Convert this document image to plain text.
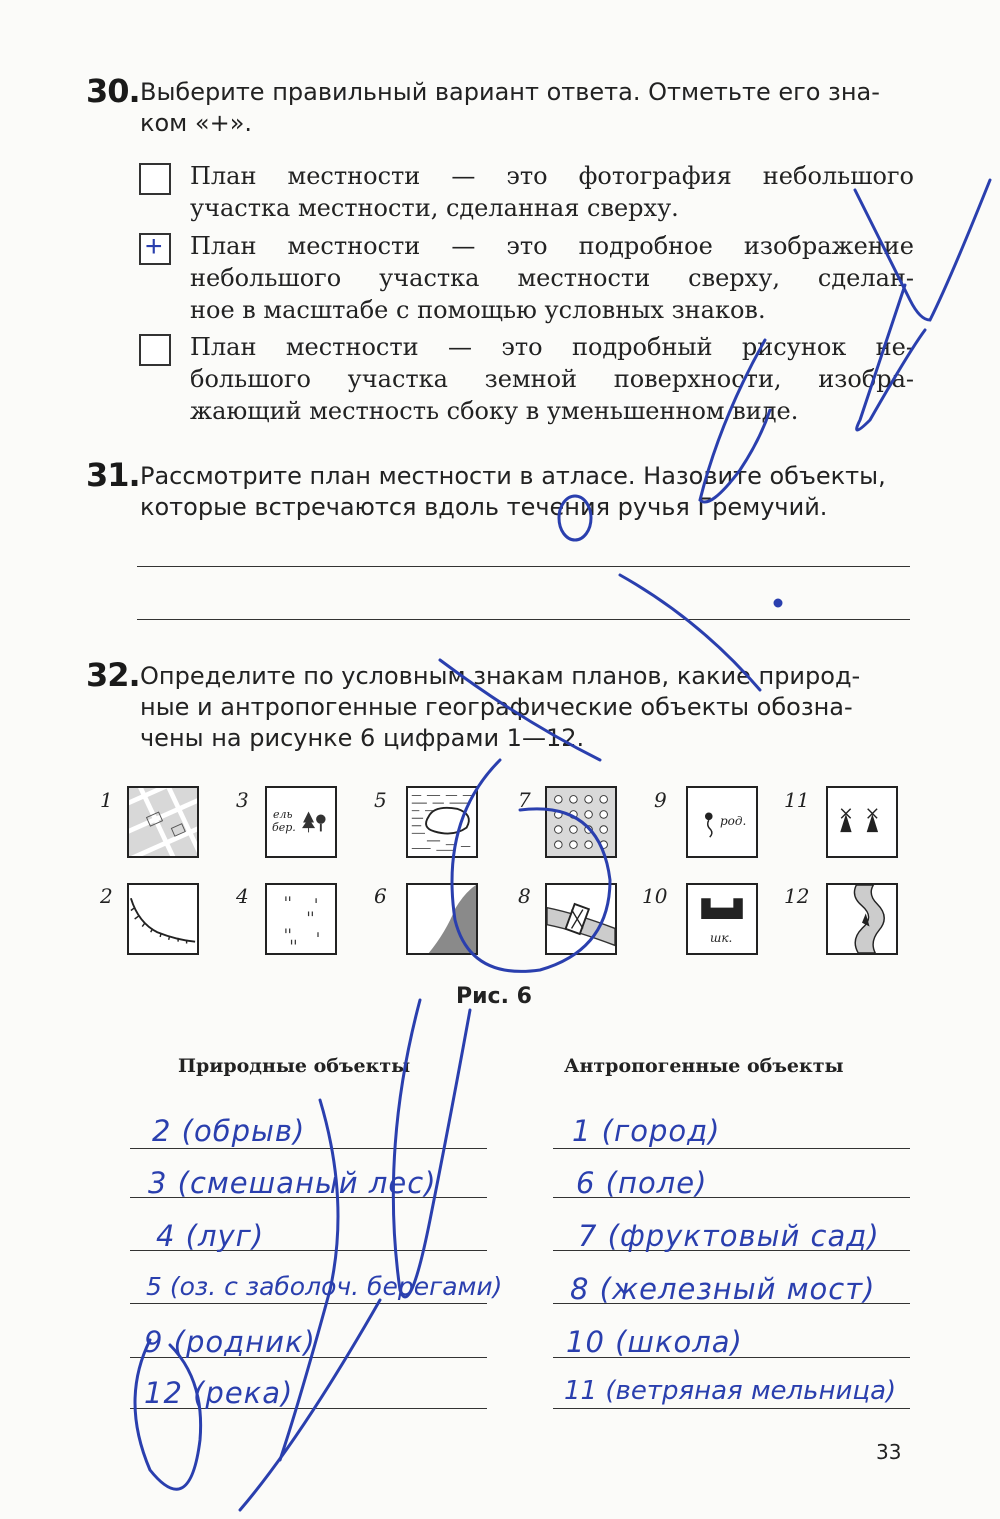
30. Выберите правильный вариант ответа. Отметьте его зна-
ком «+».
План местности — это фотография небольшого
участка местности, сделанная сверху.
+ План местности — это подробное изображение
небольшого участка местности сверху, сделан-
ное в масштабе с помощью условных знаков.
План местности — это подробный рисунок не-
большого участка земной поверхности, изобра-
жающий местность сбоку в уменьшенном виде.
31. Рассмотрите план местности в атласе. Назовите объекты,
которые встречаются вдоль течения ручья Гремучий.
32. Определите по условным знакам планов, какие природ-
ные и антропогенные географические объекты обозна-
чены на рисунке 6 цифрами 1—12.
1
2
3
ель
бер.
4
5
6
7
8
9
род.
10
шк.
11
12
Рис. 6
Природные объекты	Антропогенные объекты
2 (обрыв)
3 (смешаный лес)
4 (луг)
5 (оз. с заболоч. берегами)
9 (родник)
12 (река)
1 (город)
6 (поле)
7 (фруктовый сад)
8 (железный мост)
10 (школа)
11 (ветряная мельница)
33
